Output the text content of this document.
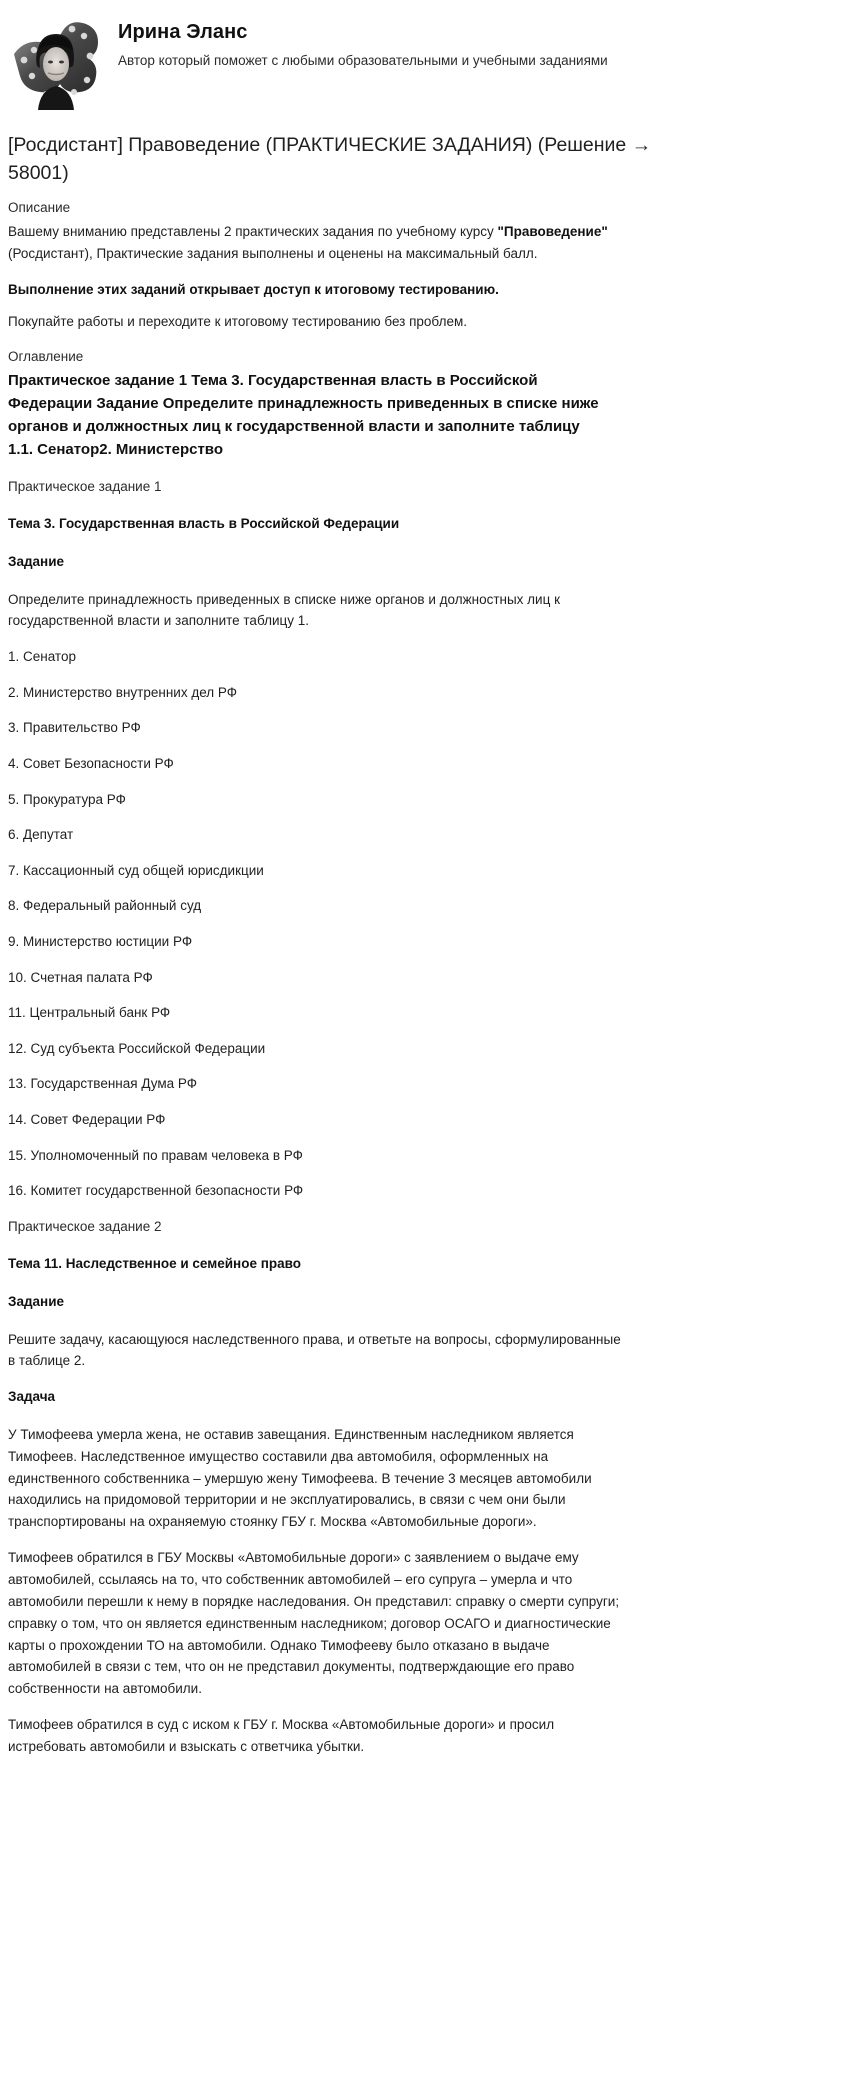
Ирина Эланс
Автор который поможет с любыми образовательными и учебными заданиями
[Росдистант] Правоведение (ПРАКТИЧЕСКИЕ ЗАДАНИЯ) (Решение → 58001)
Описание

Вашему вниманию представлены 2 практических задания по учебному курсу "Правоведение" (Росдистант), Практические задания выполнены и оценены на максимальный балл.

Выполнение этих заданий открывает доступ к итоговому тестированию.

Покупайте работы и переходите к итоговому тестированию без проблем.

Оглавление
Практическое задание 1 Тема 3. Государственная власть в Российской Федерации Задание Определите принадлежность приведенных в списке ниже органов и должностных лиц к государственной власти и заполните таблицу 1.1. Сенатор2. Министерство
Практическое задание 1
Тема 3. Государственная власть в Российской Федерации
Задание

Определите принадлежность приведенных в списке ниже органов и должностных лиц к государственной власти и заполните таблицу 1.

1. Сенатор
2. Министерство внутренних дел РФ
3. Правительство РФ
4. Совет Безопасности РФ
5. Прокуратура РФ
6. Депутат
7. Кассационный суд общей юрисдикции
8. Федеральный районный суд
9. Министерство юстиции РФ
10. Счетная палата РФ
11. Центральный банк РФ
12. Суд субъекта Российской Федерации
13. Государственная Дума РФ
14. Совет Федерации РФ
15. Уполномоченный по правам человека в РФ
16. Комитет государственной безопасности РФ
Практическое задание 2
Тема 11. Наследственное и семейное право
Задание

Решите задачу, касающуюся наследственного права, и ответьте на вопросы, сформулированные в таблице 2.

Задача

У Тимофеева умерла жена, не оставив завещания. Единственным наследником является Тимофеев. Наследственное имущество составили два автомобиля, оформленных на единственного собственника – умершую жену Тимофеева. В течение 3 месяцев автомобили находились на придомовой территории и не эксплуатировались, в связи с чем они были транспортированы на охраняемую стоянку ГБУ г. Москва «Автомобильные дороги».

Тимофеев обратился в ГБУ Москвы «Автомобильные дороги» с заявлением о выдаче ему автомобилей, ссылаясь на то, что собственник автомобилей – его супруга – умерла и что автомобили перешли к нему в порядке наследования. Он представил: справку о смерти супруги; справку о том, что он является единственным наследником; договор ОСАГО и диагностические карты о прохождении ТО на автомобили. Однако Тимофееву было отказано в выдаче автомобилей в связи с тем, что он не представил документы, подтверждающие его право собственности на автомобили.

Тимофеев обратился в суд с иском к ГБУ г. Москва «Автомобильные дороги» и просил истребовать автомобили и взыскать с ответчика убытки.
